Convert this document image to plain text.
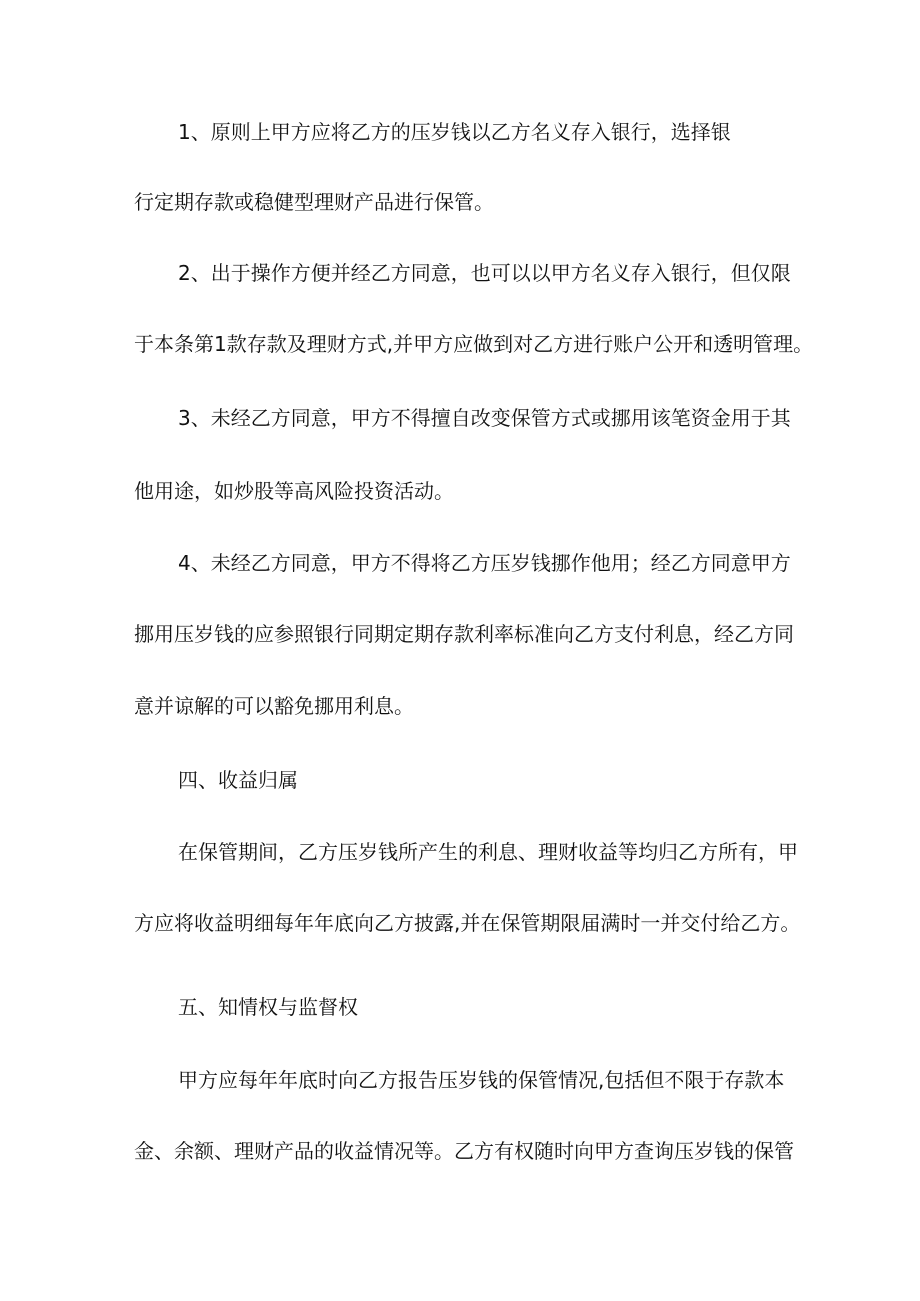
1、原则上甲方应将乙方的压岁钱以乙方名义存入银行，选择银
行定期存款或稳健型理财产品进行保管。
2、出于操作方便并经乙方同意，也可以以甲方名义存入银行，但仅限
于本条第1款存款及理财方式,并甲方应做到对乙方进行账户公开和透明管理。
3、未经乙方同意，甲方不得擅自改变保管方式或挪用该笔资金用于其
他用途，如炒股等高风险投资活动。
4、未经乙方同意，甲方不得将乙方压岁钱挪作他用；经乙方同意甲方
挪用压岁钱的应参照银行同期定期存款利率标准向乙方支付利息，经乙方同
意并谅解的可以豁免挪用利息。
四、收益归属
在保管期间，乙方压岁钱所产生的利息、理财收益等均归乙方所有，甲
方应将收益明细每年年底向乙方披露,并在保管期限届满时一并交付给乙方。
五、知情权与监督权
甲方应每年年底时向乙方报告压岁钱的保管情况,包括但不限于存款本
金、余额、理财产品的收益情况等。乙方有权随时向甲方查询压岁钱的保管
